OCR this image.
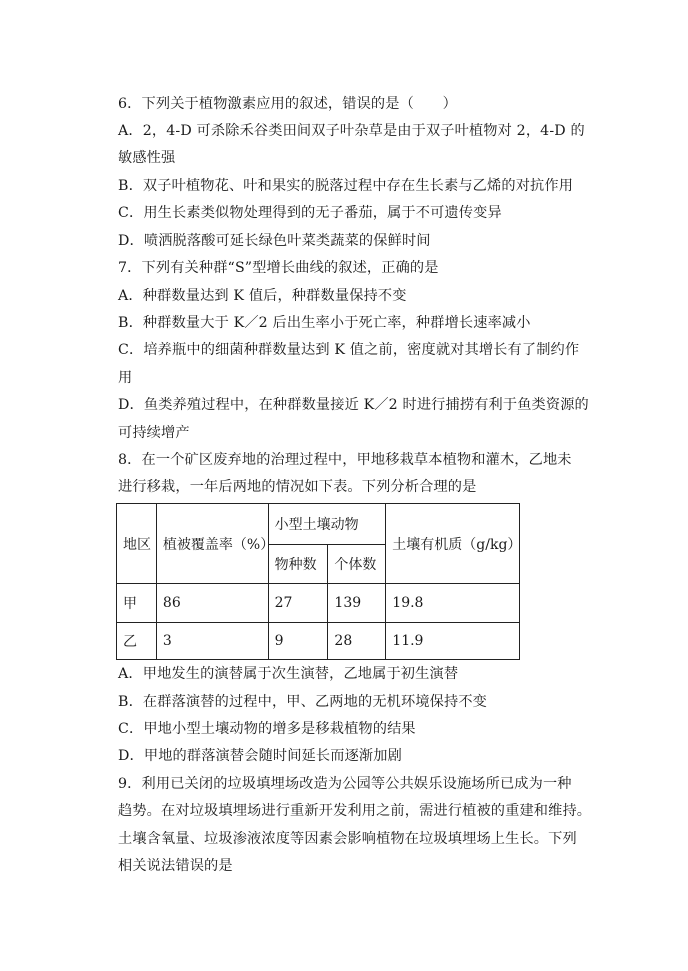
6．下列关于植物激素应用的叙述，错误的是（　　）
A．2，4-D 可杀除禾谷类田间双子叶杂草是由于双子叶植物对 2，4-D 的
敏感性强
B．双子叶植物花、叶和果实的脱落过程中存在生长素与乙烯的对抗作用
C．用生长素类似物处理得到的无子番茄，属于不可遗传变异
D．喷洒脱落酸可延长绿色叶菜类蔬菜的保鲜时间
7．下列有关种群“S”型增长曲线的叙述，正确的是
A．种群数量达到 K 值后，种群数量保持不变
B．种群数量大于 K／2 后出生率小于死亡率，种群增长速率减小
C．培养瓶中的细菌种群数量达到 K 值之前，密度就对其增长有了制约作
用
D．鱼类养殖过程中，在种群数量接近 K／2 时进行捕捞有利于鱼类资源的
可持续增产
8．在一个矿区废弃地的治理过程中，甲地移栽草本植物和灌木，乙地未
进行移栽，一年后两地的情况如下表。下列分析合理的是
地区	植被覆盖率（%）	小型土壤动物		土壤有机质（g/kg）
		物种数	个体数	
甲	86	27	139	19.8
乙	3	9	28	11.9
A．甲地发生的演替属于次生演替，乙地属于初生演替
B．在群落演替的过程中，甲、乙两地的无机环境保持不变
C．甲地小型土壤动物的增多是移栽植物的结果
D．甲地的群落演替会随时间延长而逐渐加剧
9．利用已关闭的垃圾填埋场改造为公园等公共娱乐设施场所已成为一种
趋势。在对垃圾填埋场进行重新开发利用之前，需进行植被的重建和维持。
土壤含氧量、垃圾渗液浓度等因素会影响植物在垃圾填埋场上生长。下列
相关说法错误的是
